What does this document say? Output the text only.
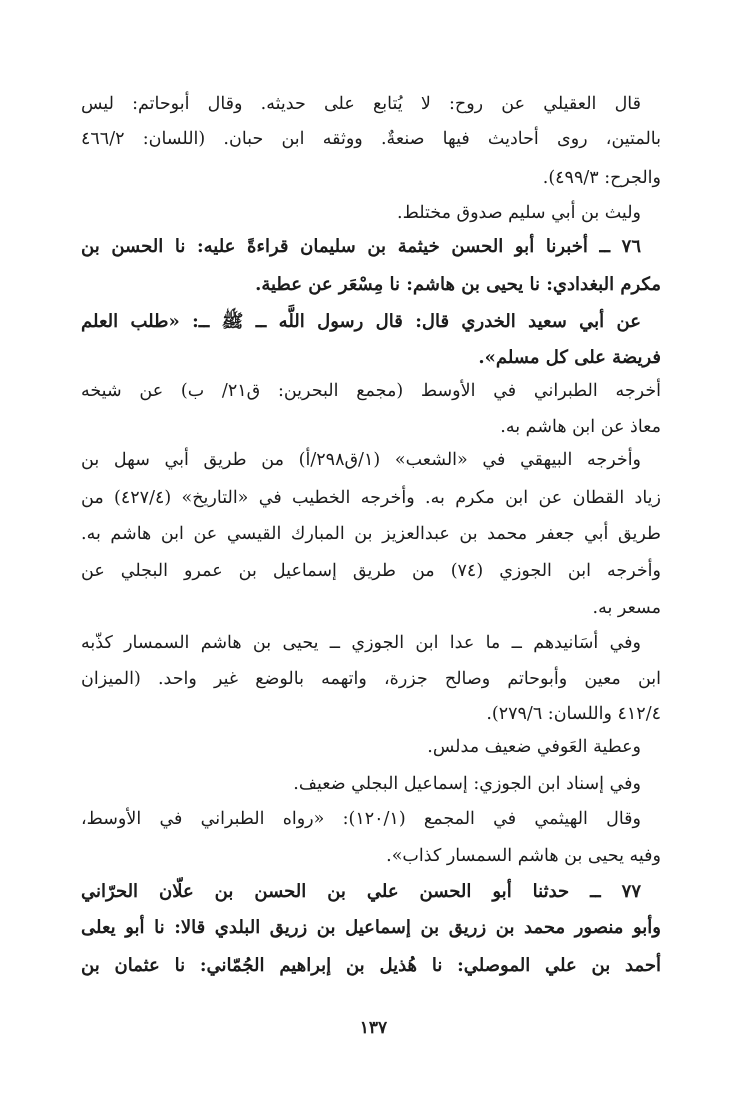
قال العقيلي عن روح: لا يُتابع على حديثه. وقال أبوحاتم: ليس
بالمتين، روى أحاديث فيها صنعةٌ. ووثقه ابن حبان. (اللسان: ٤٦٦/٢
والجرح: ٤٩٩/٣).
وليث بن أبي سليم صدوق مختلط.
٧٦ ــ أخبرنا أبو الحسن خيثمة بن سليمان قراءةً عليه: نا الحسن بن
مكرم البغدادي: نا يحيى بن هاشم: نا مِسْعَر عن عطية.
عن أبي سعيد الخدري قال: قال رسول اللَّه ــ ﷺ ــ: «طلب العلم
فريضة على كل مسلم».
أخرجه الطبراني في الأوسط (مجمع البحرين: ق٢١/ ب) عن شيخه
معاذ عن ابن هاشم به.
وأخرجه البيهقي في «الشعب» (١/ق٢٩٨/أ) من طريق أبي سهل بن
زياد القطان عن ابن مكرم به. وأخرجه الخطيب في «التاريخ» (٤٢٧/٤) من
طريق أبي جعفر محمد بن عبدالعزيز بن المبارك القيسي عن ابن هاشم به.
وأخرجه ابن الجوزي (٧٤) من طريق إسماعيل بن عمرو البجلي عن
مسعر به.
وفي أسَانيدهم ــ ما عدا ابن الجوزي ــ يحيى بن هاشم السمسار كذّبه
ابن معين وأبوحاتم وصالح جزرة، واتهمه بالوضع غير واحد. (الميزان
٤١٢/٤ واللسان: ٢٧٩/٦).
وعطية العَوفي ضعيف مدلس.
وفي إسناد ابن الجوزي: إسماعيل البجلي ضعيف.
وقال الهيثمي في المجمع (١٢٠/١): «رواه الطبراني في الأوسط،
وفيه يحيى بن هاشم السمسار كذاب».
٧٧ ــ حدثنا أبو الحسن علي بن الحسن بن علّان الحرّاني
وأبو منصور محمد بن زريق بن إسماعيل بن زريق البلدي قالا: نا أبو يعلى
أحمد بن علي الموصلي: نا هُذيل بن إبراهيم الجُمّاني: نا عثمان بن
١٣٧
